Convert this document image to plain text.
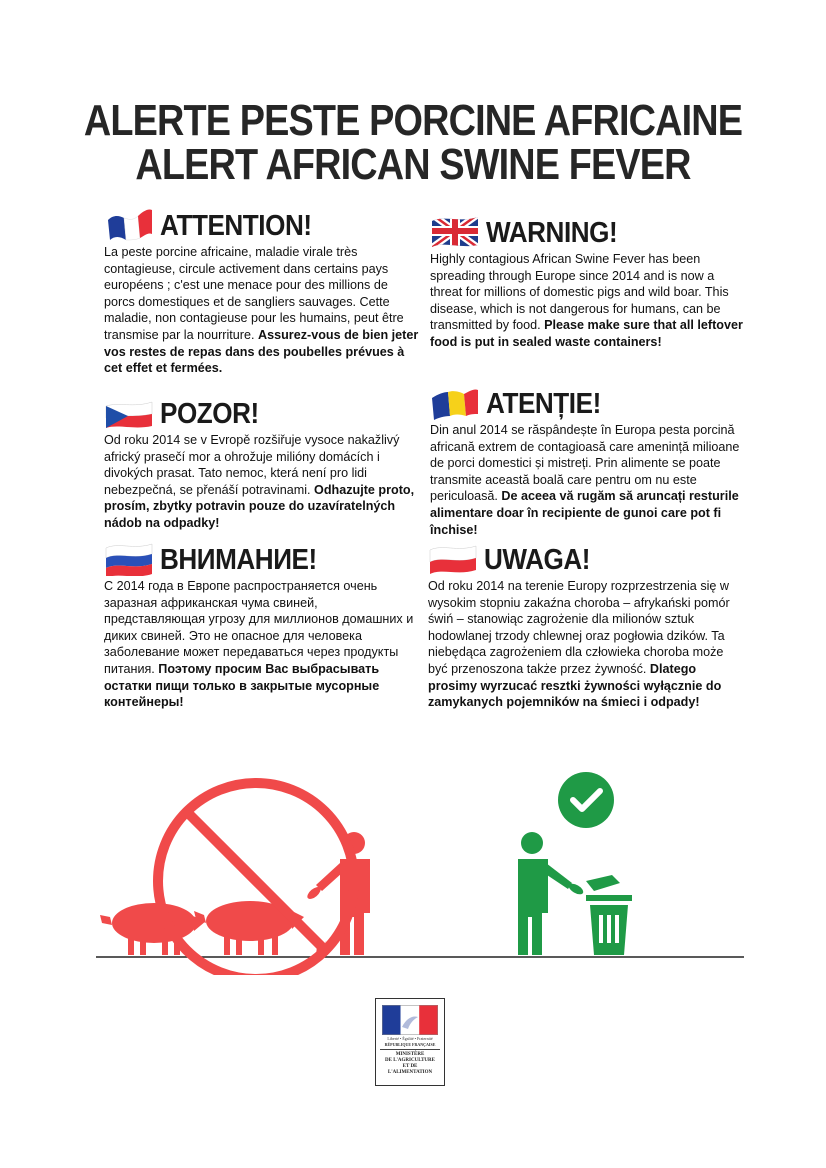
ALERTE PESTE PORCINE AFRICAINE
ALERT AFRICAN SWINE FEVER
ATTENTION!
La peste porcine africaine, maladie virale très contagieuse, circule activement dans certains pays européens ; c'est une menace pour des millions de porcs domestiques et de sangliers sauvages. Cette maladie, non contagieuse pour les humains, peut être transmise par la nourriture. Assurez-vous de bien jeter vos restes de repas dans des poubelles prévues à cet effet et fermées.
WARNING!
Highly contagious African Swine Fever has been spreading through Europe since 2014 and is now a threat for millions of domestic pigs and wild boar. This disease, which is not dangerous for humans, can be transmitted by food. Please make sure that all leftover food is put in sealed waste containers!
POZOR!
Od roku 2014 se v Evropě rozšiřuje vysoce nakažlivý africký prasečí mor a ohrožuje milióny domácích i divokých prasat. Tato nemoc, která není pro lidi nebezpečná, se přenáší potravinami. Odhazujte proto, prosím, zbytky potravin pouze do uzavíratelných nádob na odpadky!
ATENȚIE!
Din anul 2014 se răspândește în Europa pesta porcină africană extrem de contagioasă care amenință milioane de porci domestici și mistreți. Prin alimente se poate transmite această boală care pentru om nu este periculoasă. De aceea vă rugăm să aruncați resturile alimentare doar în recipiente de gunoi care pot fi închise!
ВНИМАНИЕ!
С 2014 года в Европе распространяется очень заразная африканская чума свиней, представляющая угрозу для миллионов домашних и диких свиней. Это не опасное для человека заболевание может передаваться через продукты питания. Поэтому просим Вас выбрасывать остатки пищи только в закрытые мусорные контейнеры!
UWAGA!
Od roku 2014 na terenie Europy rozprzestrzenia się w wysokim stopniu zakaźna choroba – afrykański pomór świń – stanowiąc zagrożenie dla milionów sztuk hodowlanej trzody chlewnej oraz pogłowia dzików. Ta niebędąca zagrożeniem dla człowieka choroba może być przenoszona także przez żywność. Dlatego prosimy wyrzucać resztki żywności wyłącznie do zamykanych pojemników na śmieci i odpady!
Liberté • Égalité • Fraternité
RÉPUBLIQUE FRANÇAISE
MINISTÈRE
DE L'AGRICULTURE
ET DE
L'ALIMENTATION
